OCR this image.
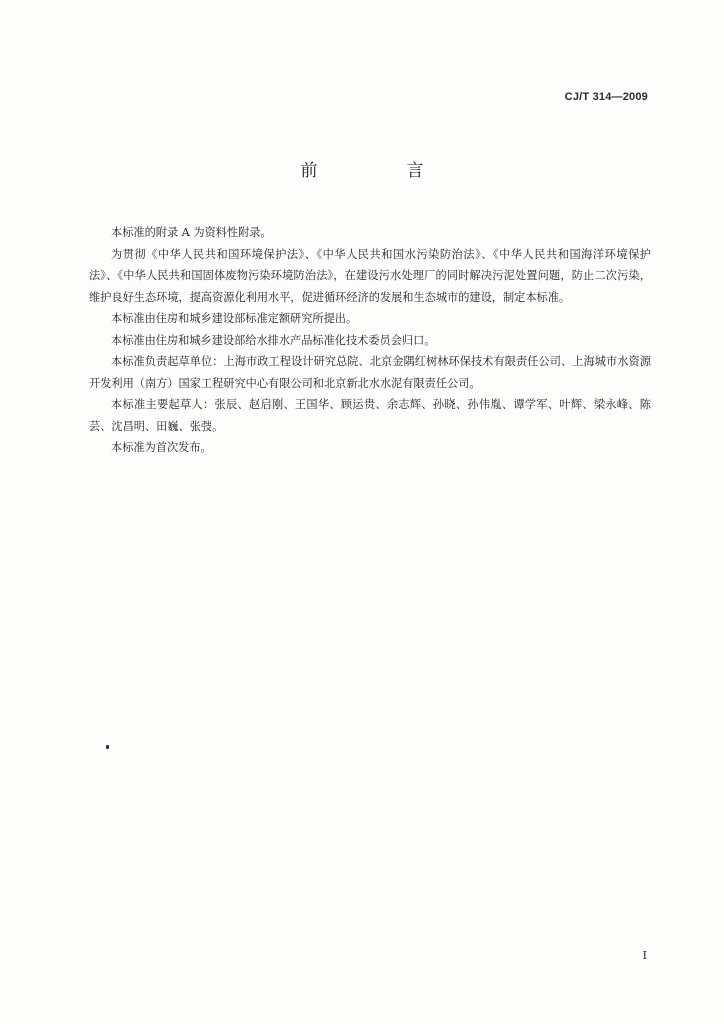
CJ/T 314—2009
前　言

本标准的附录 A 为资料性附录。

为贯彻《中华人民共和国环境保护法》、《中华人民共和国水污染防治法》、《中华人民共和国海洋环境保护法》、《中华人民共和国固体废物污染环境防治法》，在建设污水处理厂的同时解决污泥处置问题，防止二次污染，维护良好生态环境，提高资源化利用水平，促进循环经济的发展和生态城市的建设，制定本标准。

本标准由住房和城乡建设部标准定额研究所提出。

本标准由住房和城乡建设部给水排水产品标准化技术委员会归口。

本标准负责起草单位：上海市政工程设计研究总院、北京金隅红树林环保技术有限责任公司、上海城市水资源开发利用（南方）国家工程研究中心有限公司和北京新北水水泥有限责任公司。

本标准主要起草人：张辰、赵启刚、王国华、顾运贵、余志辉、孙晓、孙伟胤、谭学军、叶辉、梁永峰、陈芸、沈昌明、田巍、张弢。

本标准为首次发布。

I
